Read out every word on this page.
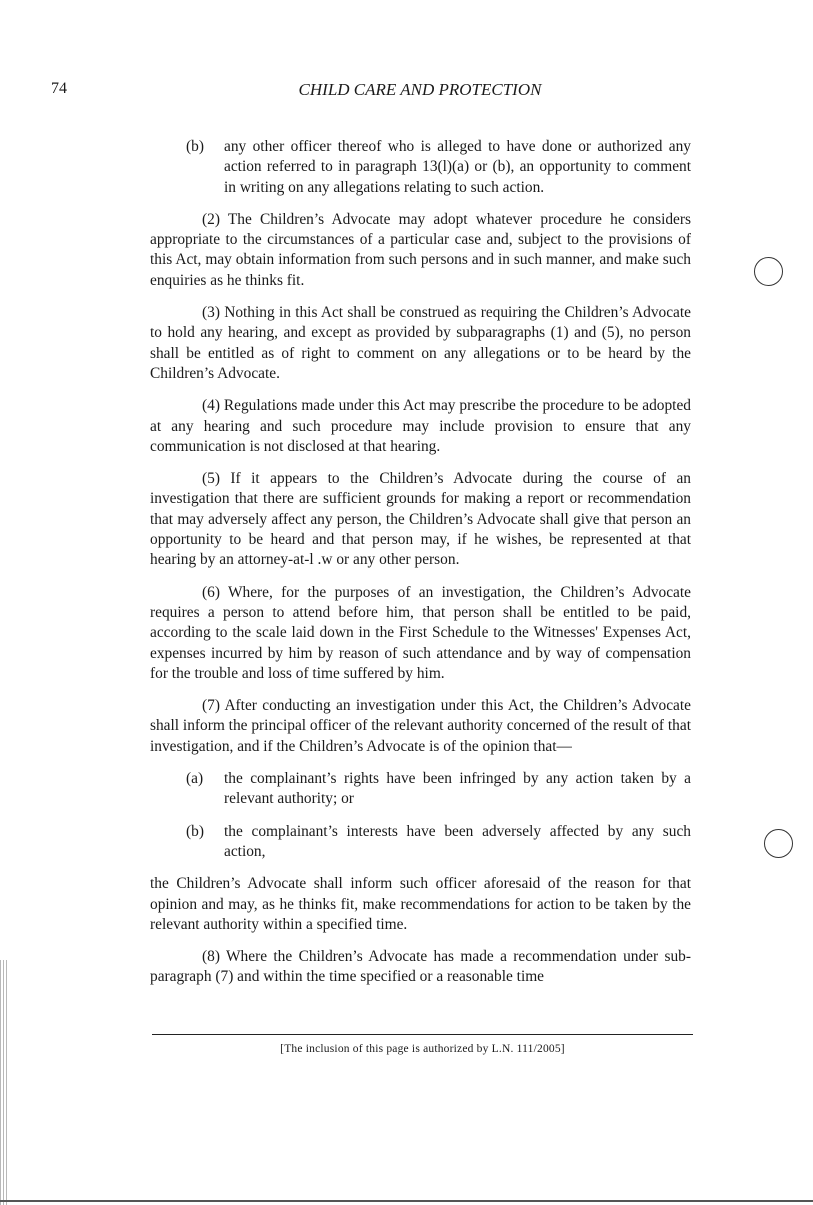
74	CHILD CARE AND PROTECTION
(b) any other officer thereof who is alleged to have done or authorized any action referred to in paragraph 13(l)(a) or (b), an opportunity to comment in writing on any allegations relating to such action.

(2) The Children’s Advocate may adopt whatever procedure he considers appropriate to the circumstances of a particular case and, subject to the provisions of this Act, may obtain information from such persons and in such manner, and make such enquiries as he thinks fit.

(3) Nothing in this Act shall be construed as requiring the Children’s Advocate to hold any hearing, and except as provided by subparagraphs (1) and (5), no person shall be entitled as of right to comment on any allegations or to be heard by the Children’s Advocate.

(4) Regulations made under this Act may prescribe the procedure to be adopted at any hearing and such procedure may include provision to ensure that any communication is not disclosed at that hearing.

(5) If it appears to the Children’s Advocate during the course of an investigation that there are sufficient grounds for making a report or recommendation that may adversely affect any person, the Children’s Advocate shall give that person an opportunity to be heard and that person may, if he wishes, be represented at that hearing by an attorney-at-l .w or any other person.

(6) Where, for the purposes of an investigation, the Children’s Advocate requires a person to attend before him, that person shall be entitled to be paid, according to the scale laid down in the First Schedule to the Witnesses' Expenses Act, expenses incurred by him by reason of such attendance and by way of compensation for the trouble and loss of time suffered by him.

(7) After conducting an investigation under this Act, the Children’s Advocate shall inform the principal officer of the relevant authority concerned of the result of that investigation, and if the Children’s Advocate is of the opinion that—

(a) the complainant’s rights have been infringed by any action taken by a relevant authority; or
(b) the complainant’s interests have been adversely affected by any such action,

the Children’s Advocate shall inform such officer aforesaid of the reason for that opinion and may, as he thinks fit, make recommendations for action to be taken by the relevant authority within a specified time.

(8) Where the Children’s Advocate has made a recommendation under sub-paragraph (7) and within the time specified or a reasonable time

[The inclusion of this page is authorized by L.N. 111/2005]
